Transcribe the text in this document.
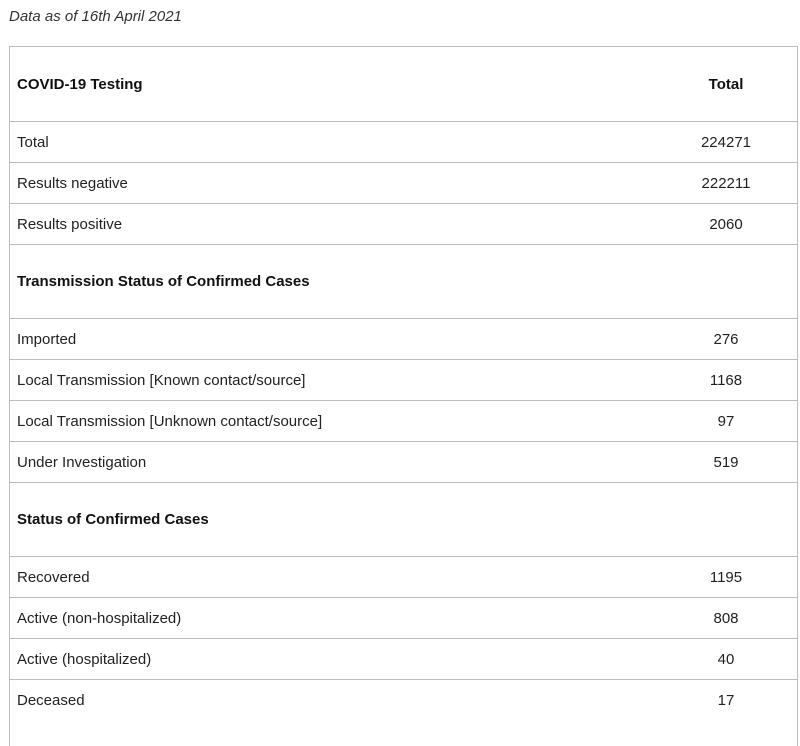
Data as of 16th April 2021

COVID-19 Testing	Total
Total	224271
Results negative	222211
Results positive	2060
Transmission Status of Confirmed Cases	
Imported	276
Local Transmission [Known contact/source]	1168
Local Transmission [Unknown contact/source]	97
Under Investigation	519
Status of Confirmed Cases	
Recovered	1195
Active (non-hospitalized)	808
Active (hospitalized)	40
Deceased	17
